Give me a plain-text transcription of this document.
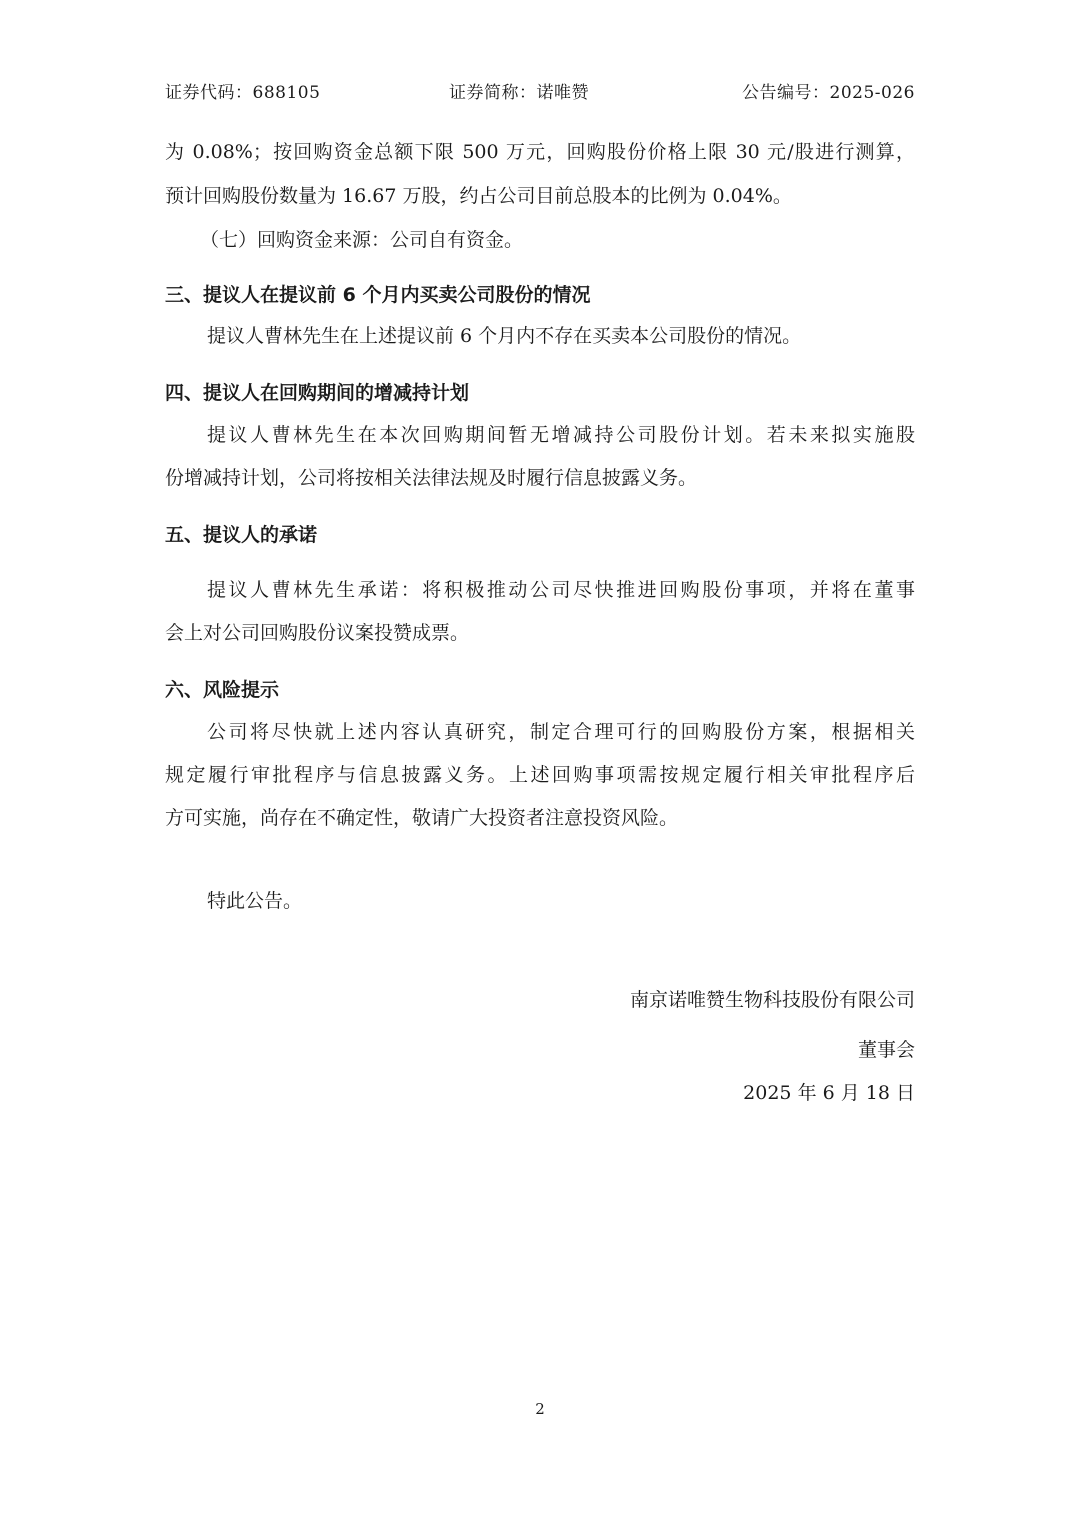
证券代码：688105	证券简称：诺唯赞	公告编号：2025-026
为 0.08%；按回购资金总额下限 500 万元，回购股份价格上限 30 元/股进行测算，
预计回购股份数量为 16.67 万股，约占公司目前总股本的比例为 0.04%。
（七）回购资金来源：公司自有资金。
三、提议人在提议前 6 个月内买卖公司股份的情况
提议人曹林先生在上述提议前 6 个月内不存在买卖本公司股份的情况。
四、提议人在回购期间的增减持计划
提议人曹林先生在本次回购期间暂无增减持公司股份计划。若未来拟实施股
份增减持计划，公司将按相关法律法规及时履行信息披露义务。
五、提议人的承诺
提议人曹林先生承诺：将积极推动公司尽快推进回购股份事项，并将在董事
会上对公司回购股份议案投赞成票。
六、风险提示
公司将尽快就上述内容认真研究，制定合理可行的回购股份方案，根据相关
规定履行审批程序与信息披露义务。上述回购事项需按规定履行相关审批程序后
方可实施，尚存在不确定性，敬请广大投资者注意投资风险。
特此公告。
南京诺唯赞生物科技股份有限公司
董事会
2025 年 6 月 18 日
2
